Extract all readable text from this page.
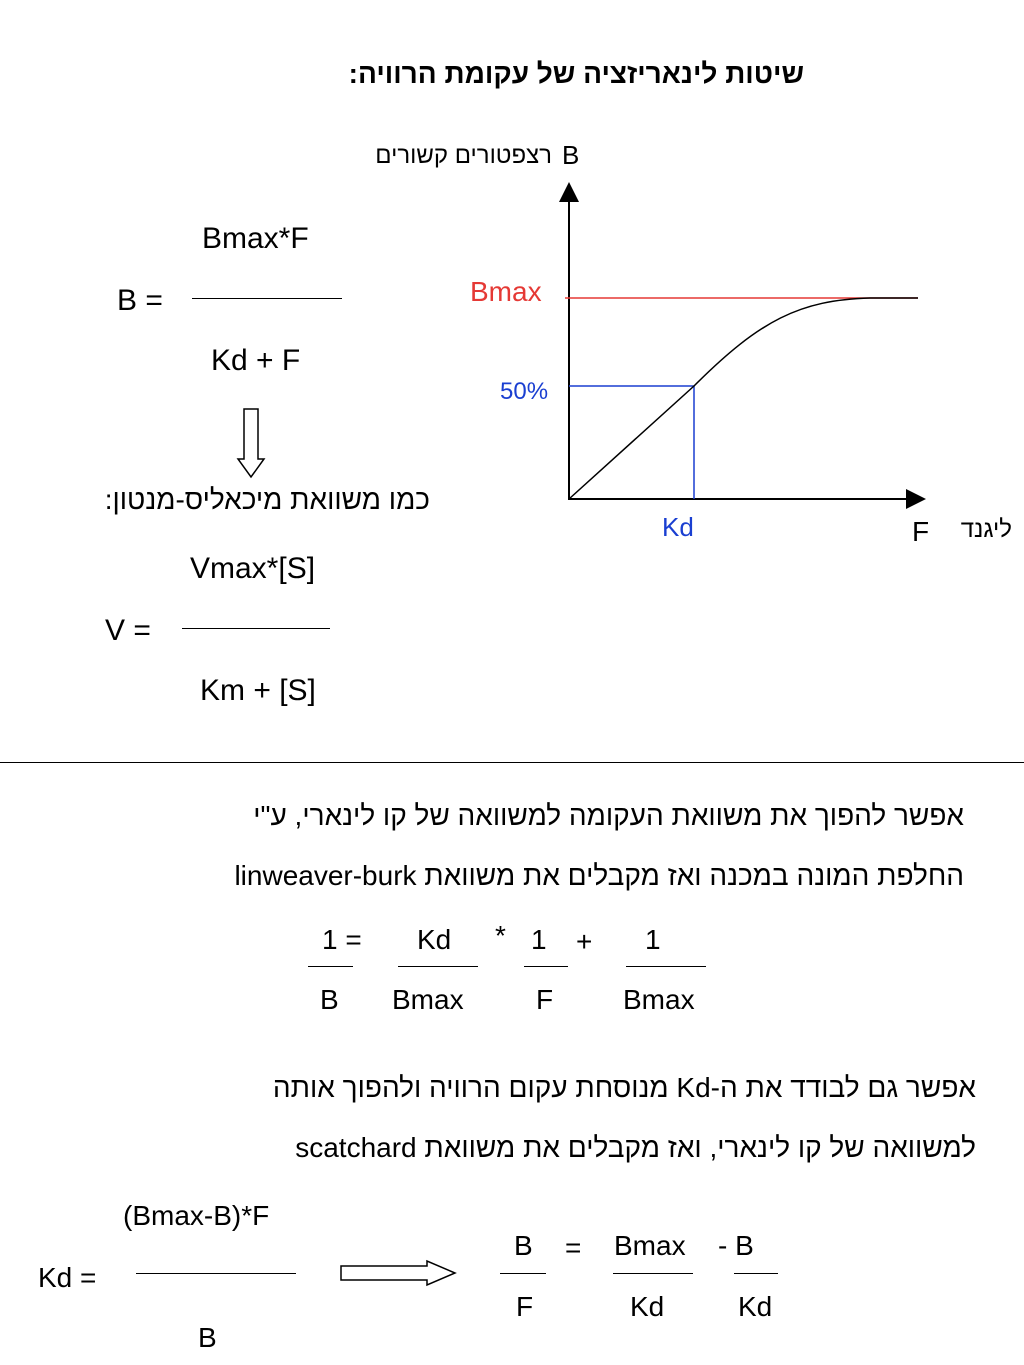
שיטות לינאריזציה של עקומת הרוויה:
B
רצפטורים קשורים
Bmax
50%
Kd	F ליגנד
Bmax*F
B =
Kd + F
כמו משוואת מיכאליס-מנטון:
Vmax*[S]
V =
Km + [S]
אפשר להפוך את משוואת העקומה למשוואה של קו לינארי, ע"י
החלפת המונה במכנה ואז מקבלים את משוואת linweaver-burk
1 =
B
Kd
Bmax
* 1
F
+ 1
Bmax
אפשר גם לבודד את ה-Kd מנוסחת עקום הרוויה ולהפוך אותה
למשוואה של קו לינארי, ואז מקבלים את משוואת scatchard
(Bmax-B)*F
Kd =
B
B
F
= Bmax
Kd
- B
Kd
